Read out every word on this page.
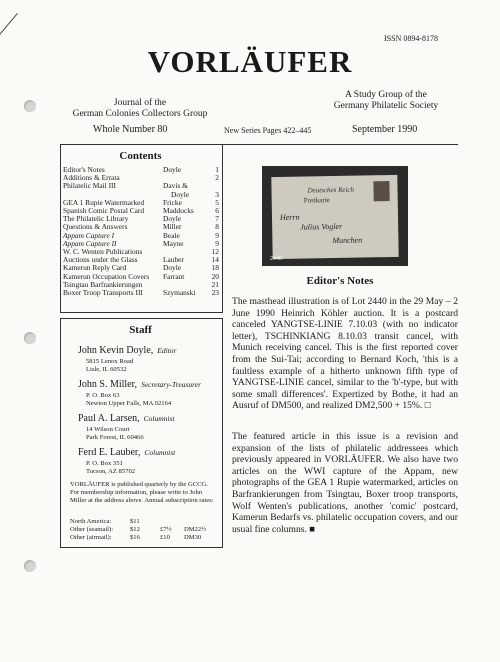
ISSN 0894-8178
VORLÄUFER
Journal of the
German Colonies Collectors Group
A Study Group of the
Germany Philatelic Society
Whole Number 80	New Series Pages 422–445	September 1990
Contents
Editor's Notes	Doyle	1
Additions & Errata	2
Philatelic Mail III	Davis &
Doyle	3
GEA 1 Rupie Watermarked	Fricke	5
Spanish Comic Postal Card	Maddocks	6
The Philatelic Library	Doyle	7
Questions & Answers	Miller	8
Appam Capture I	Beale	9
Appam Capture II	Mayne	9
W. C. Wenten Publications	12
Auctions under the Glass	Lauber	14
Kamerun Reply Card	Doyle	18
Kamerun Occupation Covers	Farrant	20
Tsingtau Barfrankierungen	21
Boxer Troop Transports III	Szymanski	23
Staff
John Kevin Doyle, Editor
5815 Lenox Road
Lisle, IL 60532
John S. Miller, Secretary-Treasurer
P. O. Box 63
Newton Upper Falls, MA 02164
Paul A. Larsen, Columnist
14 Wilson Court
Park Forest, IL 60466
Ferd E. Lauber, Columnist
P. O. Box 351
Tucson, AZ 85702
VORLÄUFER is published quarterly by the GCCG. For membership information, please write to John Miller at the address above. Annual subscription rates:
North America:	$11
Other (seamail):	$12	£7½ DM22½
Other (airmail):	$16	£10 DM30
Deutsches Reich
Postkarte
Herrn
Julius Vogler
Munchen
2440
Editor's Notes
The masthead illustration is of Lot 2440 in the 29 May – 2 June 1990 Heinrich Köhler auction. It is a postcard canceled YANGTSE-LINIE 7.10.03 (with no indicator letter), TSCHINKIANG 8.10.03 transit cancel, with Munich receiving cancel. This is the first reported cover from the Sui-Tai; according to Bernard Koch, 'this is a faultless example of a hitherto unknown fifth type of YANGTSE-LINIE cancel, similar to the 'b'-type, but with some small differences'. Expertized by Bothe, it had an Ausruf of DM500, and realized DM2,500 + 15%. □
The featured article in this issue is a revision and expansion of the lists of philatelic addressees which previously appeared in VORLÄUFER. We also have two articles on the WWI capture of the Appam, new photographs of the GEA 1 Rupie watermarked, articles on Barfrankierungen from Tsingtau, Boxer troop transports, Wolf Wenten's publications, another 'comic' postcard, Kamerun Bedarfs vs. philatelic occupation covers, and our usual fine columns. ■
